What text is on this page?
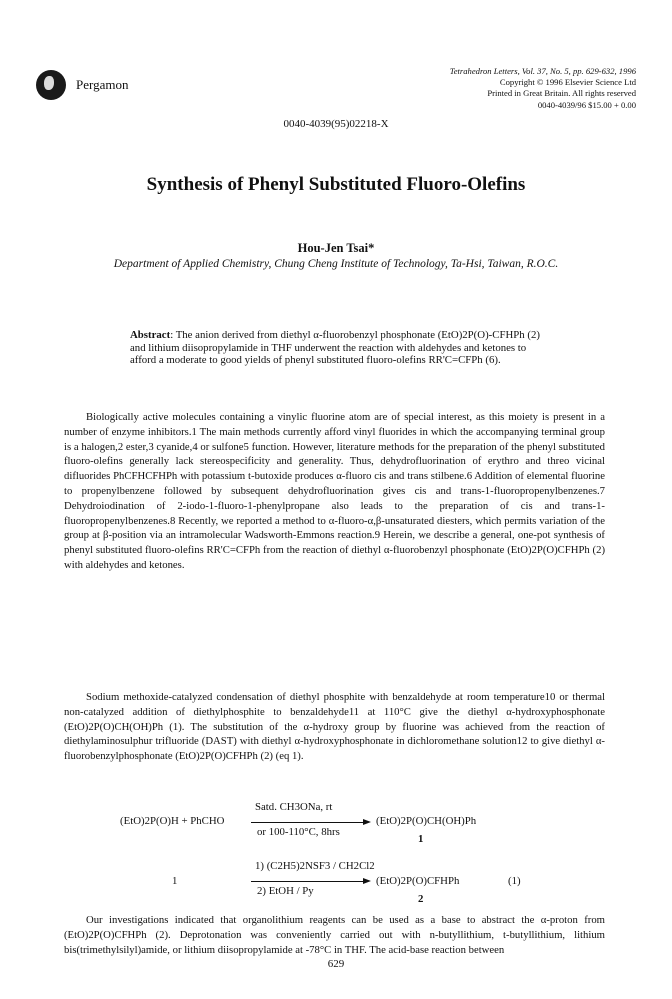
Pergamon
Tetrahedron Letters, Vol. 37, No. 5, pp. 629-632, 1996
Copyright © 1996 Elsevier Science Ltd
Printed in Great Britain. All rights reserved
0040-4039/96 $15.00 + 0.00
0040-4039(95)02218-X
Synthesis of Phenyl Substituted Fluoro-Olefins
Hou-Jen Tsai*
Department of Applied Chemistry, Chung Cheng Institute of Technology, Ta-Hsi, Taiwan, R.O.C.
Abstract: The anion derived from diethyl α-fluorobenzyl phosphonate (EtO)2P(O)-CFHPh (2) and lithium diisopropylamide in THF underwent the reaction with aldehydes and ketones to afford a moderate to good yields of phenyl substituted fluoro-olefins RR'C=CFPh (6).

Biologically active molecules containing a vinylic fluorine atom are of special interest, as this moiety is present in a number of enzyme inhibitors.1 The main methods currently afford vinyl fluorides in which the accompanying terminal group is a halogen,2 ester,3 cyanide,4 or sulfone5 function. However, literature methods for the preparation of the phenyl substituted fluoro-olefins generally lack stereospecificity and generality. Thus, dehydrofluorination of erythro and threo vicinal difluorides PhCFHCFHPh with potassium t-butoxide produces α-fluoro cis and trans stilbene.6 Addition of elemental fluorine to propenylbenzene followed by subsequent dehydrofluorination gives cis and trans-1-fluoropropenylbenzenes.7 Dehydroiodination of 2-iodo-1-fluoro-1-phenylpropane also leads to the preparation of cis and trans-1-fluoropropenylbenzenes.8 Recently, we reported a method to α-fluoro-α,β-unsaturated diesters, which permits variation of the group at β-position via an intramolecular Wadsworth-Emmons reaction.9 Herein, we describe a general, one-pot synthesis of phenyl substituted fluoro-olefins RR'C=CFPh from the reaction of diethyl α-fluorobenzyl phosphonate (EtO)2P(O)CFHPh (2) with aldehydes and ketones.

Sodium methoxide-catalyzed condensation of diethyl phosphite with benzaldehyde at room temperature10 or thermal non-catalyzed addition of diethylphosphite to benzaldehyde11 at 110°C give the diethyl α-hydroxyphosphonate (EtO)2P(O)CH(OH)Ph (1). The substitution of the α-hydroxy group by fluorine was achieved from the reaction of diethylaminosulphur trifluoride (DAST) with diethyl α-hydroxyphosphonate in dichloromethane solution12 to give diethyl α-fluorobenzylphosphonate (EtO)2P(O)CFHPh (2) (eq 1).

(EtO)2P(O)H + PhCHO
Satd. CH3ONa, rt
or 100-110°C, 8hrs
(EtO)2P(O)CH(OH)Ph
1
1
1) (C2H5)2NSF3 / CH2Cl2
2) EtOH / Py
(EtO)2P(O)CFHPh
2
(1)

Our investigations indicated that organolithium reagents can be used as a base to abstract the α-proton from (EtO)2P(O)CFHPh (2). Deprotonation was conveniently carried out with n-butyllithium, t-butyllithium, lithium bis(trimethylsilyl)amide, or lithium diisopropylamide at -78°C in THF. The acid-base reaction between

629
